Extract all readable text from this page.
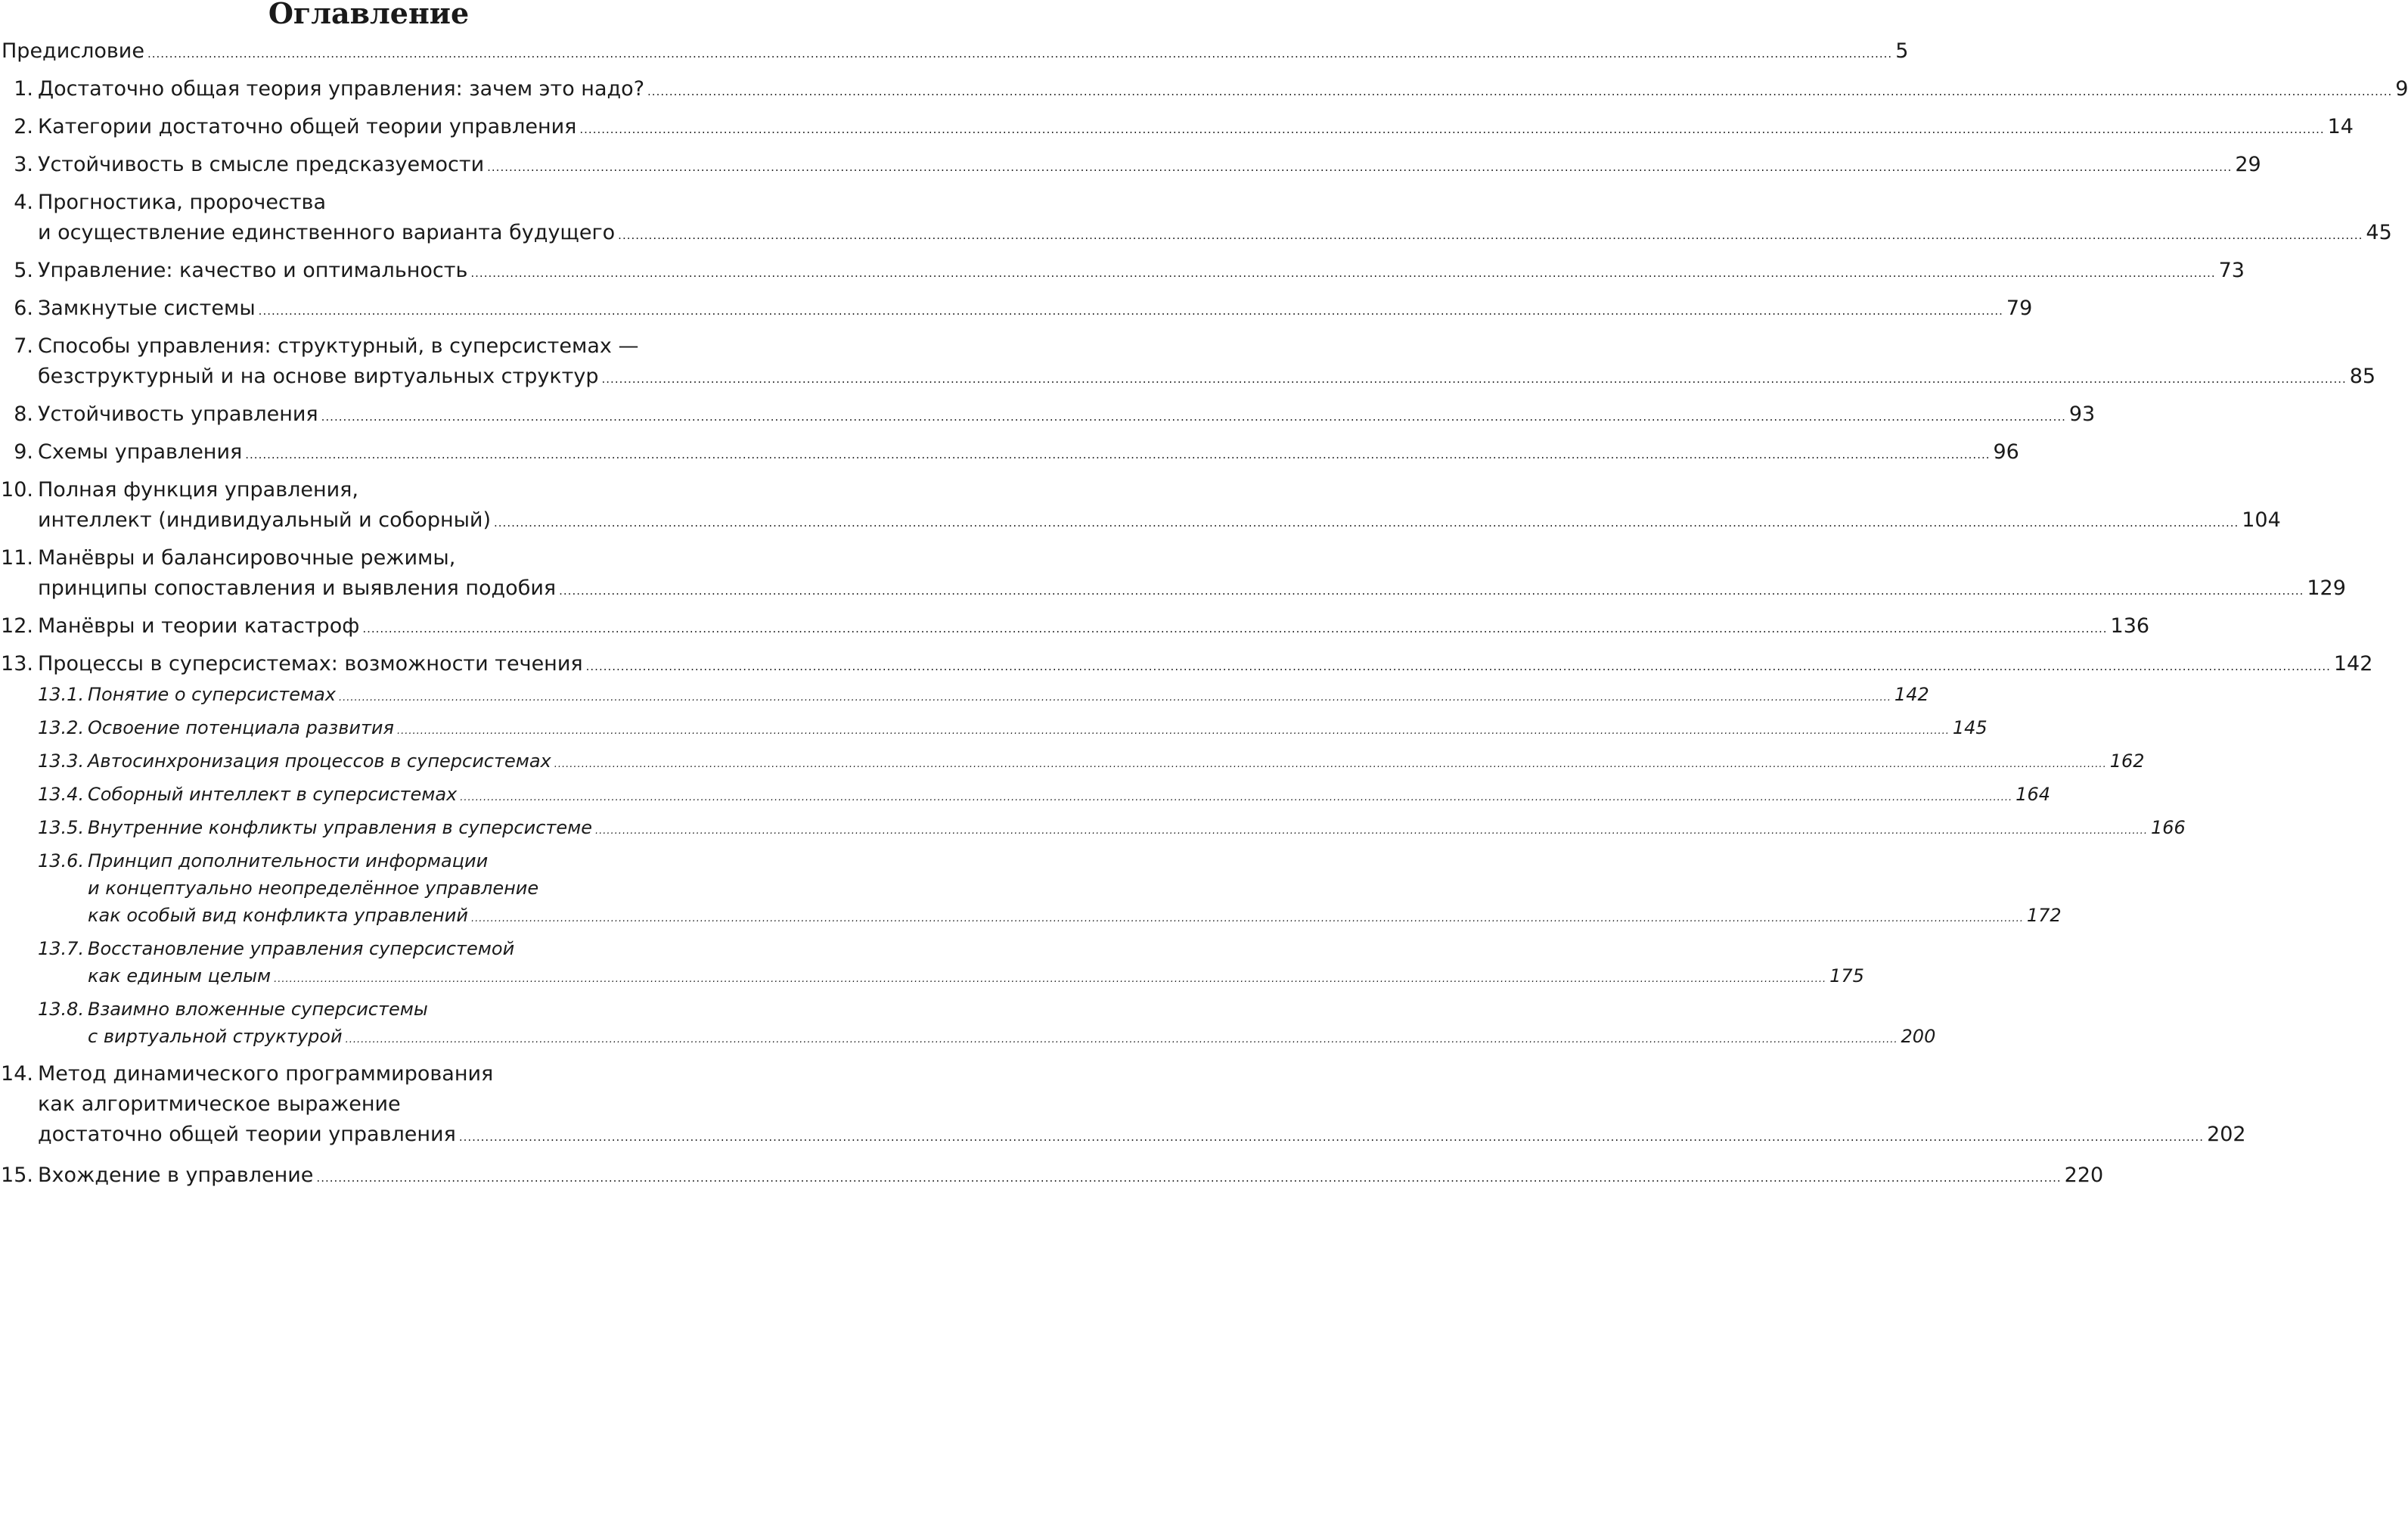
Оглавление
Предисловие ................................................................................................................................................................................................................................................................................................................................................................................................................ 5
1. Достаточно общая теория управления: зачем это надо? ................................................................................................................................................................................................................................................................................................................................................................................................................ 9
2. Категории достаточно общей теории управления ................................................................................................................................................................................................................................................................................................................................................................................................................ 14
3. Устойчивость в смысле предсказуемости ................................................................................................................................................................................................................................................................................................................................................................................................................ 29
4. Прогностика, пророчества
и осуществление единственного варианта будущего ................................................................................................................................................................................................................................................................................................................................................................................................................ 45
5. Управление: качество и оптимальность ................................................................................................................................................................................................................................................................................................................................................................................................................ 73
6. Замкнутые системы ................................................................................................................................................................................................................................................................................................................................................................................................................ 79
7. Способы управления: структурный, в суперсистемах —
безструктурный и на основе виртуальных структур ................................................................................................................................................................................................................................................................................................................................................................................................................ 85
8. Устойчивость управления ................................................................................................................................................................................................................................................................................................................................................................................................................ 93
9. Схемы управления ................................................................................................................................................................................................................................................................................................................................................................................................................ 96
10. Полная функция управления,
интеллект (индивидуальный и соборный) ................................................................................................................................................................................................................................................................................................................................................................................................................ 104
11. Манёвры и балансировочные режимы,
принципы сопоставления и выявления подобия ................................................................................................................................................................................................................................................................................................................................................................................................................ 129
12. Манёвры и теории катастроф ................................................................................................................................................................................................................................................................................................................................................................................................................ 136
13. Процессы в суперсистемах: возможности течения ................................................................................................................................................................................................................................................................................................................................................................................................................ 142
13.1. Понятие о суперсистемах ................................................................................................................................................................................................................................................................................................................................................................................................................ 142
13.2. Освоение потенциала развития ................................................................................................................................................................................................................................................................................................................................................................................................................ 145
13.3. Автосинхронизация процессов в суперсистемах ................................................................................................................................................................................................................................................................................................................................................................................................................ 162
13.4. Соборный интеллект в суперсистемах ................................................................................................................................................................................................................................................................................................................................................................................................................ 164
13.5. Внутренние конфликты управления в суперсистеме ................................................................................................................................................................................................................................................................................................................................................................................................................ 166
13.6. Принцип дополнительности информации
и концептуально неопределённое управление
как особый вид конфликта управлений ................................................................................................................................................................................................................................................................................................................................................................................................................ 172
13.7. Восстановление управления суперсистемой
как единым целым ................................................................................................................................................................................................................................................................................................................................................................................................................ 175
13.8. Взаимно вложенные суперсистемы
с виртуальной структурой ................................................................................................................................................................................................................................................................................................................................................................................................................ 200
14. Метод динамического программирования
как алгоритмическое выражение
достаточно общей теории управления ................................................................................................................................................................................................................................................................................................................................................................................................................ 202
15. Вхождение в управление ................................................................................................................................................................................................................................................................................................................................................................................................................ 220
